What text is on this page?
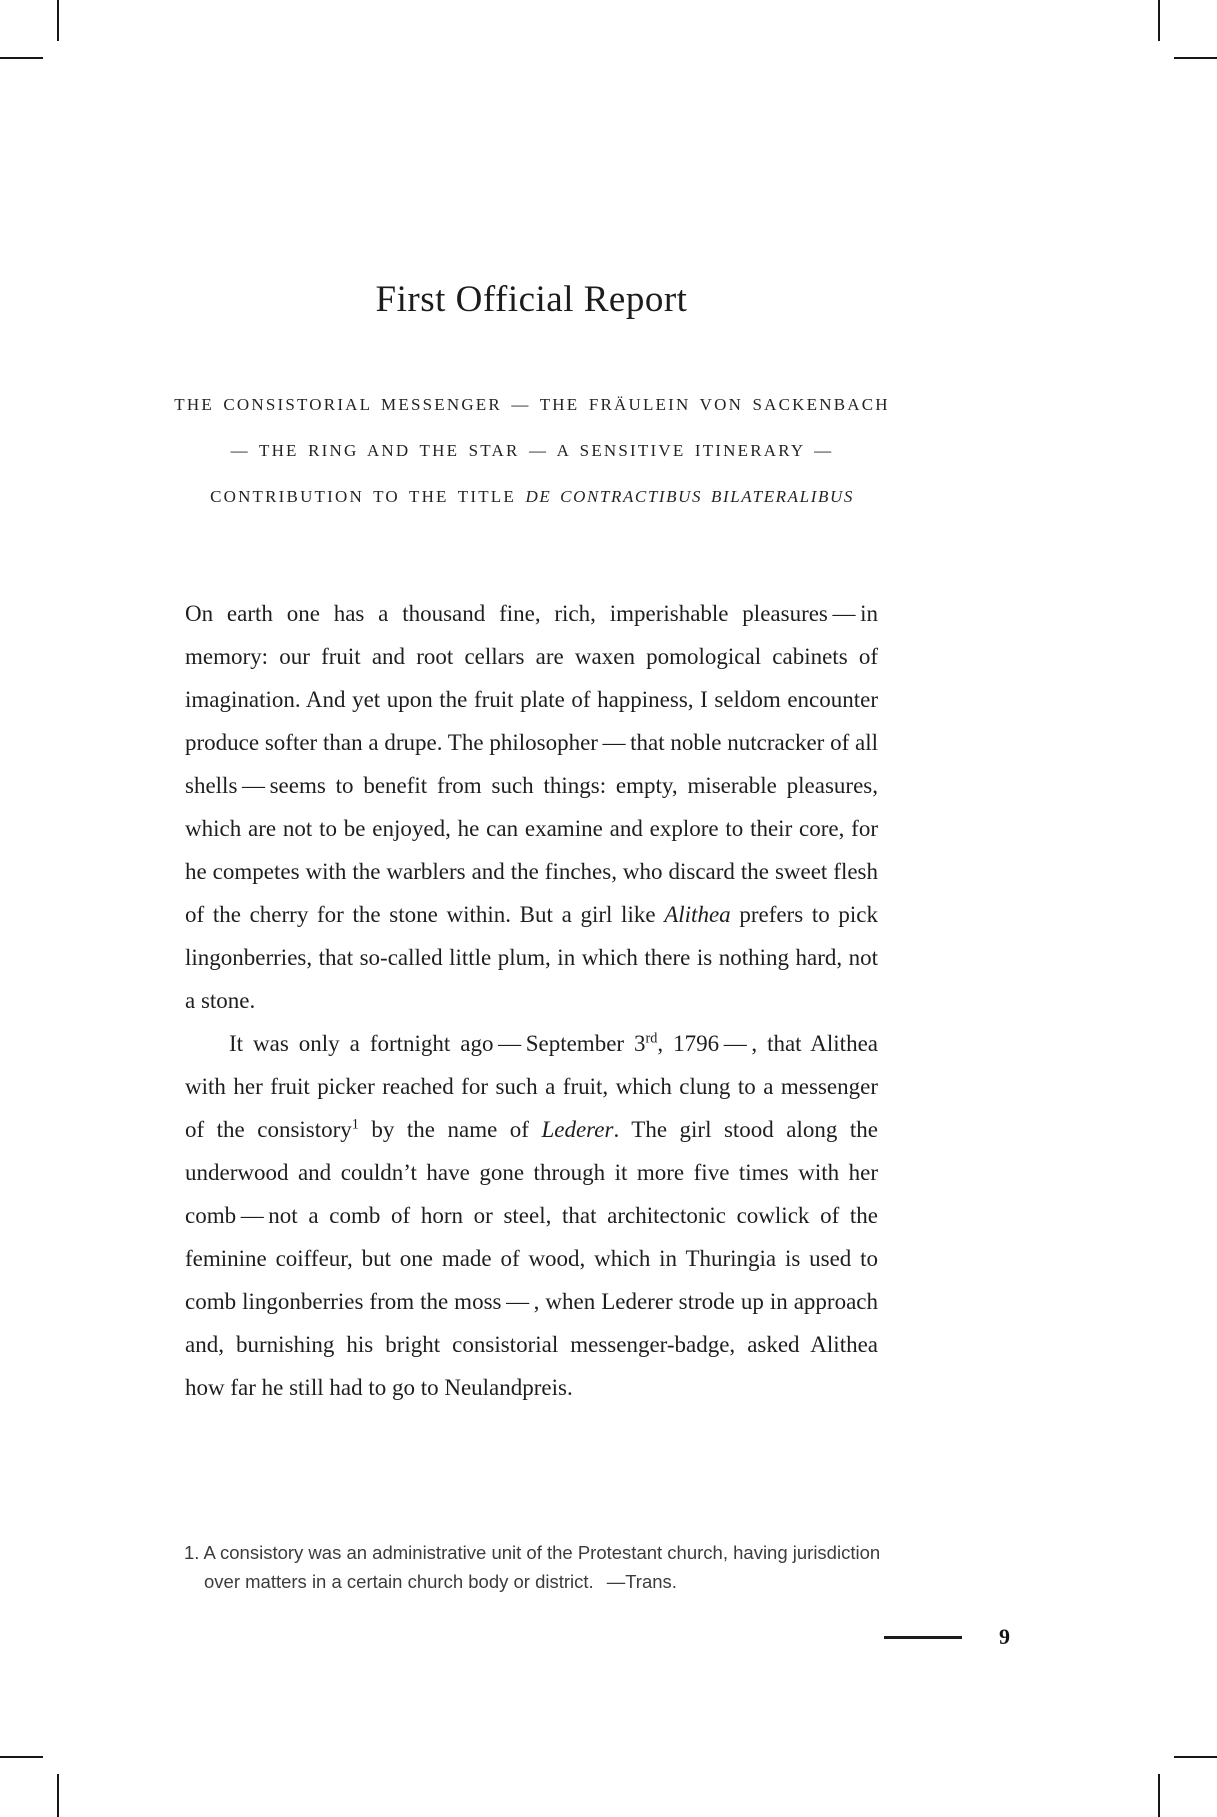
First Official Report
THE CONSISTORIAL MESSENGER — THE FRÄULEIN VON SACKENBACH
— THE RING AND THE STAR — A SENSITIVE ITINERARY —
CONTRIBUTION TO THE TITLE DE CONTRACTIBUS BILATERALIBUS

On earth one has a thousand fine, rich, imperishable pleasures — in memory: our fruit and root cellars are waxen pomological cabinets of imagination. And yet upon the fruit plate of happiness, I seldom encounter produce softer than a drupe. The philosopher — that noble nutcracker of all shells — seems to benefit from such things: empty, miserable pleasures, which are not to be enjoyed, he can examine and explore to their core, for he competes with the warblers and the finches, who discard the sweet flesh of the cherry for the stone within. But a girl like Alithea prefers to pick lingonberries, that so-called little plum, in which there is nothing hard, not a stone.

It was only a fortnight ago — September 3rd, 1796 — , that Alithea with her fruit picker reached for such a fruit, which clung to a messenger of the consistory$^1$ by the name of Lederer. The girl stood along the underwood and couldn’t have gone through it more five times with her comb — not a comb of horn or steel, that architectonic cowlick of the feminine coiffeur, but one made of wood, which in Thuringia is used to comb lingonberries from the moss — , when Lederer strode up in approach and, burnishing his bright consistorial messenger-badge, asked Alithea how far he still had to go to Neulandpreis.

1. A consistory was an administrative unit of the Protestant church, having jurisdiction over matters in a certain church body or district. —Trans.
9
